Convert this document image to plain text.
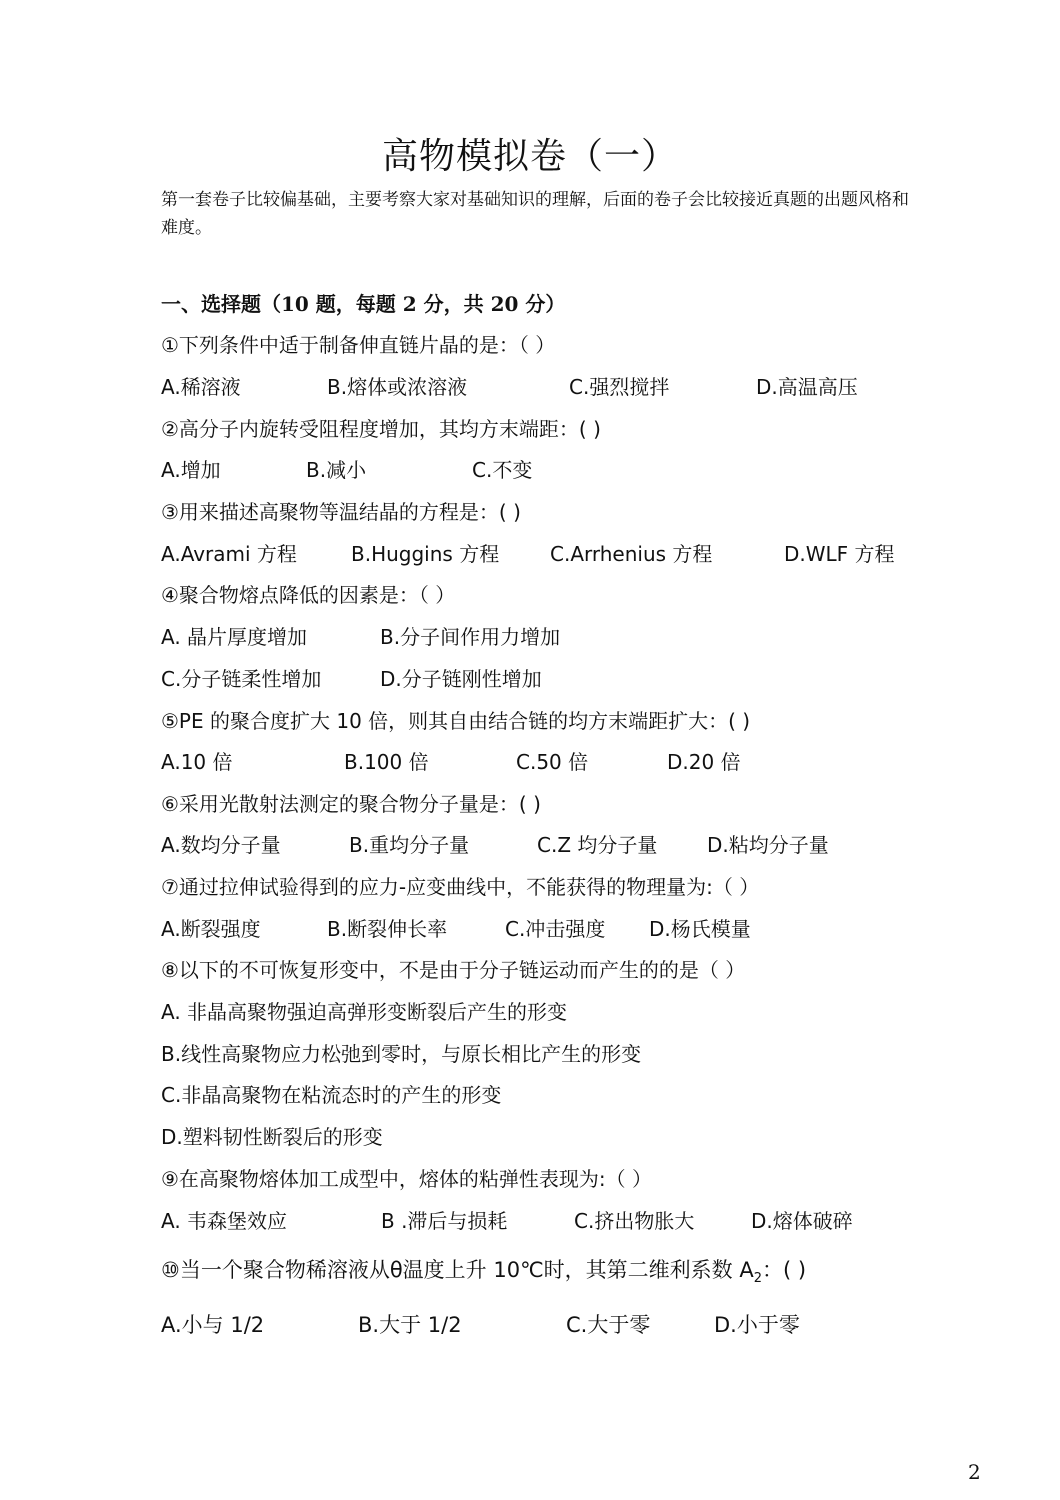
高物模拟卷（一）
第一套卷子比较偏基础，主要考察大家对基础知识的理解，后面的卷子会比较接近真题的出题风格和难度。
一、选择题（10 题，每题 2 分，共 20 分）
①下列条件中适于制备伸直链片晶的是：（ ）
A.稀溶液	B.熔体或浓溶液	C.强烈搅拌	D.高温高压
②高分子内旋转受阻程度增加，其均方末端距：( )
A.增加	B.减小	C.不变
③用来描述高聚物等温结晶的方程是：( )
A.Avrami 方程	B.Huggins 方程	C.Arrhenius 方程	D.WLF 方程
④聚合物熔点降低的因素是：（ ）
A. 晶片厚度增加	B.分子间作用力增加
C.分子链柔性增加	D.分子链刚性增加
⑤PE 的聚合度扩大 10 倍，则其自由结合链的均方末端距扩大：( )
A.10 倍	B.100 倍	C.50 倍	D.20 倍
⑥采用光散射法测定的聚合物分子量是：( )
A.数均分子量	B.重均分子量	C.Z 均分子量 D.粘均分子量
⑦通过拉伸试验得到的应力-应变曲线中，不能获得的物理量为:（ ）
A.断裂强度	B.断裂伸长率	C.冲击强度 D.杨氏模量
⑧以下的不可恢复形变中，不是由于分子链运动而产生的的是（ ）
A. 非晶高聚物强迫高弹形变断裂后产生的形变
B.线性高聚物应力松弛到零时，与原长相比产生的形变
C.非晶高聚物在粘流态时的产生的形变
D.塑料韧性断裂后的形变
⑨在高聚物熔体加工成型中，熔体的粘弹性表现为:（ ）
A. 韦森堡效应	B .滞后与损耗	C.挤出物胀大	D.熔体破碎
⑩当一个聚合物稀溶液从θ温度上升 10℃时，其第二维利系数 $A_2$：( )
A.小与 1/2	B.大于 1/2	C.大于零	D.小于零
2
